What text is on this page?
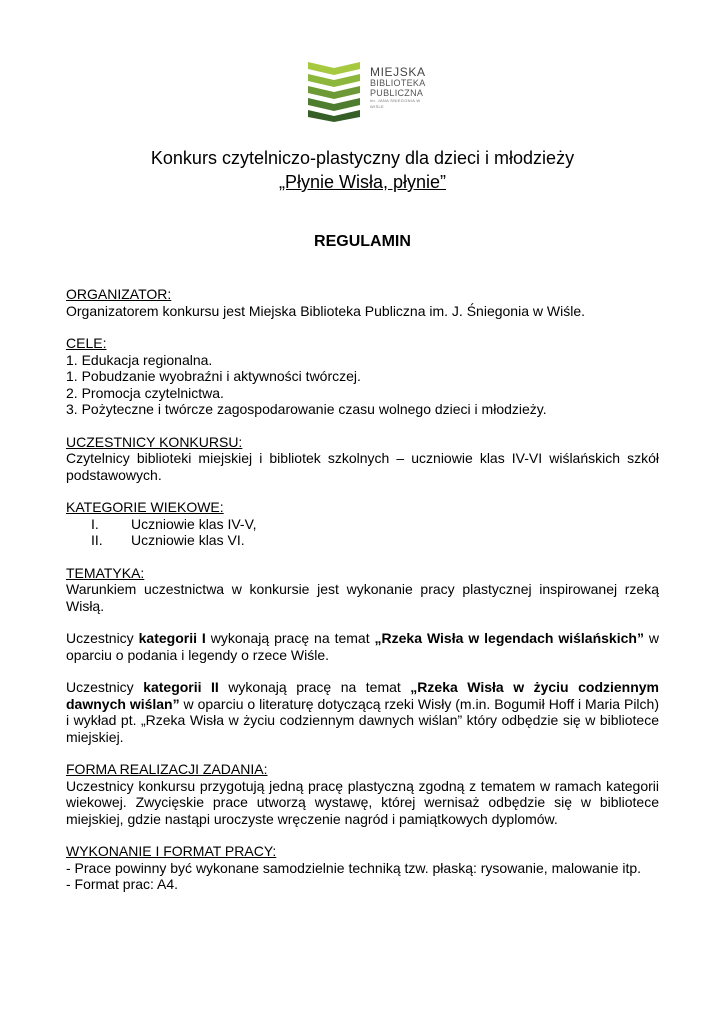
MIEJSKA
BIBLIOTEKA
PUBLICZNA
im. JANA ŚNIEGONIA W WIŚLE
Konkurs czytelniczo-plastyczny dla dzieci i młodzieży
„Płynie Wisła, płynie”
REGULAMIN
ORGANIZATOR:
Organizatorem konkursu jest Miejska Biblioteka Publiczna im. J. Śniegonia w Wiśle.
CELE:
1. Edukacja regionalna.
1. Pobudzanie wyobraźni i aktywności twórczej.
2. Promocja czytelnictwa.
3. Pożyteczne i twórcze zagospodarowanie czasu wolnego dzieci i młodzieży.
UCZESTNICY KONKURSU:
Czytelnicy biblioteki miejskiej i bibliotek szkolnych – uczniowie klas IV-VI wiślańskich szkół podstawowych.
KATEGORIE WIEKOWE:
I.	Uczniowie klas IV-V,
II.	Uczniowie klas VI.
TEMATYKA:
Warunkiem uczestnictwa w konkursie jest wykonanie pracy plastycznej inspirowanej rzeką Wisłą.
Uczestnicy kategorii I wykonają pracę na temat „Rzeka Wisła w legendach wiślańskich” w oparciu o podania i legendy o rzece Wiśle.
Uczestnicy kategorii II wykonają pracę na temat „Rzeka Wisła w życiu codziennym dawnych wiślan” w oparciu o literaturę dotyczącą rzeki Wisły (m.in. Bogumił Hoff i Maria Pilch) i wykład pt. „Rzeka Wisła w życiu codziennym dawnych wiślan” który odbędzie się w bibliotece miejskiej.
FORMA REALIZACJI ZADANIA:
Uczestnicy konkursu przygotują jedną pracę plastyczną zgodną z tematem w ramach kategorii wiekowej. Zwycięskie prace utworzą wystawę, której wernisaż odbędzie się w bibliotece miejskiej, gdzie nastąpi uroczyste wręczenie nagród i pamiątkowych dyplomów.
WYKONANIE I FORMAT PRACY:
- Prace powinny być wykonane samodzielnie techniką tzw. płaską: rysowanie, malowanie itp.
- Format prac: A4.
